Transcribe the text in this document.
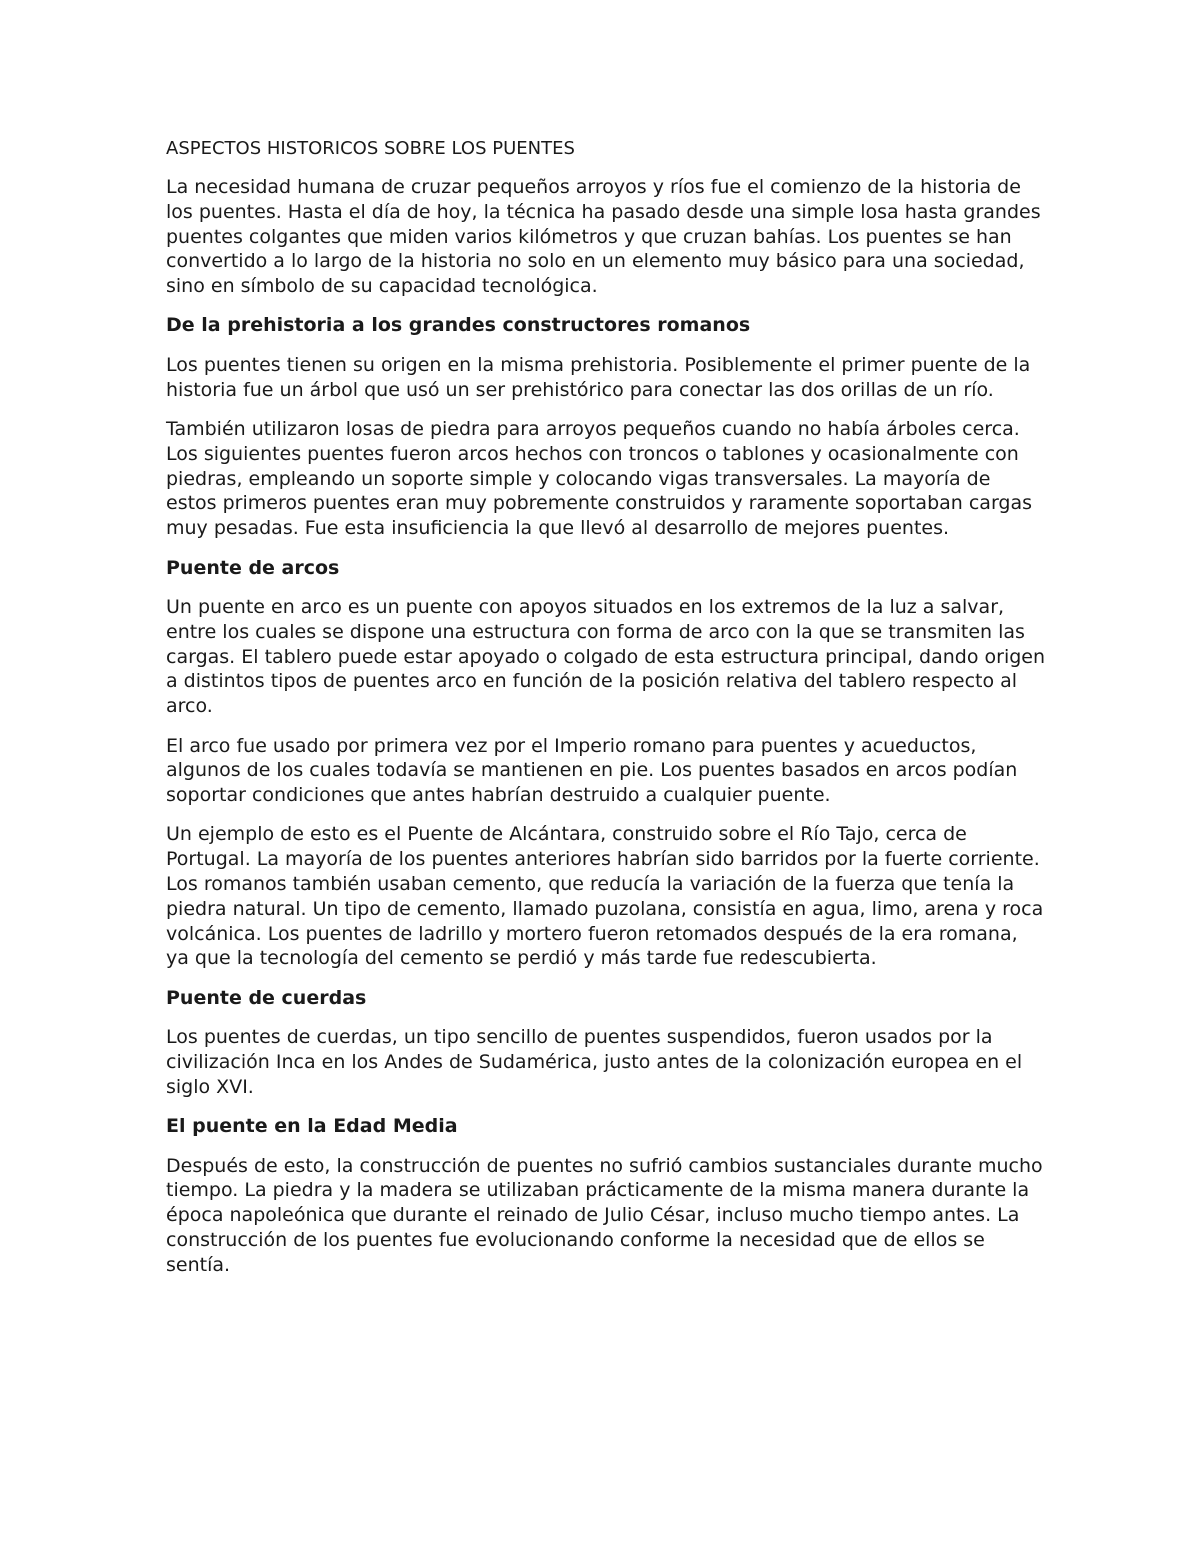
ASPECTOS HISTORICOS SOBRE LOS PUENTES

La necesidad humana de cruzar pequeños arroyos y ríos fue el comienzo de la historia de los puentes. Hasta el día de hoy, la técnica ha pasado desde una simple losa hasta grandes puentes colgantes que miden varios kilómetros y que cruzan bahías. Los puentes se han convertido a lo largo de la historia no solo en un elemento muy básico para una sociedad, sino en símbolo de su capacidad tecnológica.

De la prehistoria a los grandes constructores romanos

Los puentes tienen su origen en la misma prehistoria. Posiblemente el primer puente de la historia fue un árbol que usó un ser prehistórico para conectar las dos orillas de un río.

También utilizaron losas de piedra para arroyos pequeños cuando no había árboles cerca. Los siguientes puentes fueron arcos hechos con troncos o tablones y ocasionalmente con piedras, empleando un soporte simple y colocando vigas transversales. La mayoría de estos primeros puentes eran muy pobremente construidos y raramente soportaban cargas muy pesadas. Fue esta insuficiencia la que llevó al desarrollo de mejores puentes.

Puente de arcos

Un puente en arco es un puente con apoyos situados en los extremos de la luz a salvar, entre los cuales se dispone una estructura con forma de arco con la que se transmiten las cargas. El tablero puede estar apoyado o colgado de esta estructura principal, dando origen a distintos tipos de puentes arco en función de la posición relativa del tablero respecto al arco.

El arco fue usado por primera vez por el Imperio romano para puentes y acueductos, algunos de los cuales todavía se mantienen en pie. Los puentes basados en arcos podían soportar condiciones que antes habrían destruido a cualquier puente.

Un ejemplo de esto es el Puente de Alcántara, construido sobre el Río Tajo, cerca de Portugal. La mayoría de los puentes anteriores habrían sido barridos por la fuerte corriente. Los romanos también usaban cemento, que reducía la variación de la fuerza que tenía la piedra natural. Un tipo de cemento, llamado puzolana, consistía en agua, limo, arena y roca volcánica. Los puentes de ladrillo y mortero fueron retomados después de la era romana, ya que la tecnología del cemento se perdió y más tarde fue redescubierta.

Puente de cuerdas

Los puentes de cuerdas, un tipo sencillo de puentes suspendidos, fueron usados por la civilización Inca en los Andes de Sudamérica, justo antes de la colonización europea en el siglo XVI.

El puente en la Edad Media

Después de esto, la construcción de puentes no sufrió cambios sustanciales durante mucho tiempo. La piedra y la madera se utilizaban prácticamente de la misma manera durante la época napoleónica que durante el reinado de Julio César, incluso mucho tiempo antes. La construcción de los puentes fue evolucionando conforme la necesidad que de ellos se sentía.
